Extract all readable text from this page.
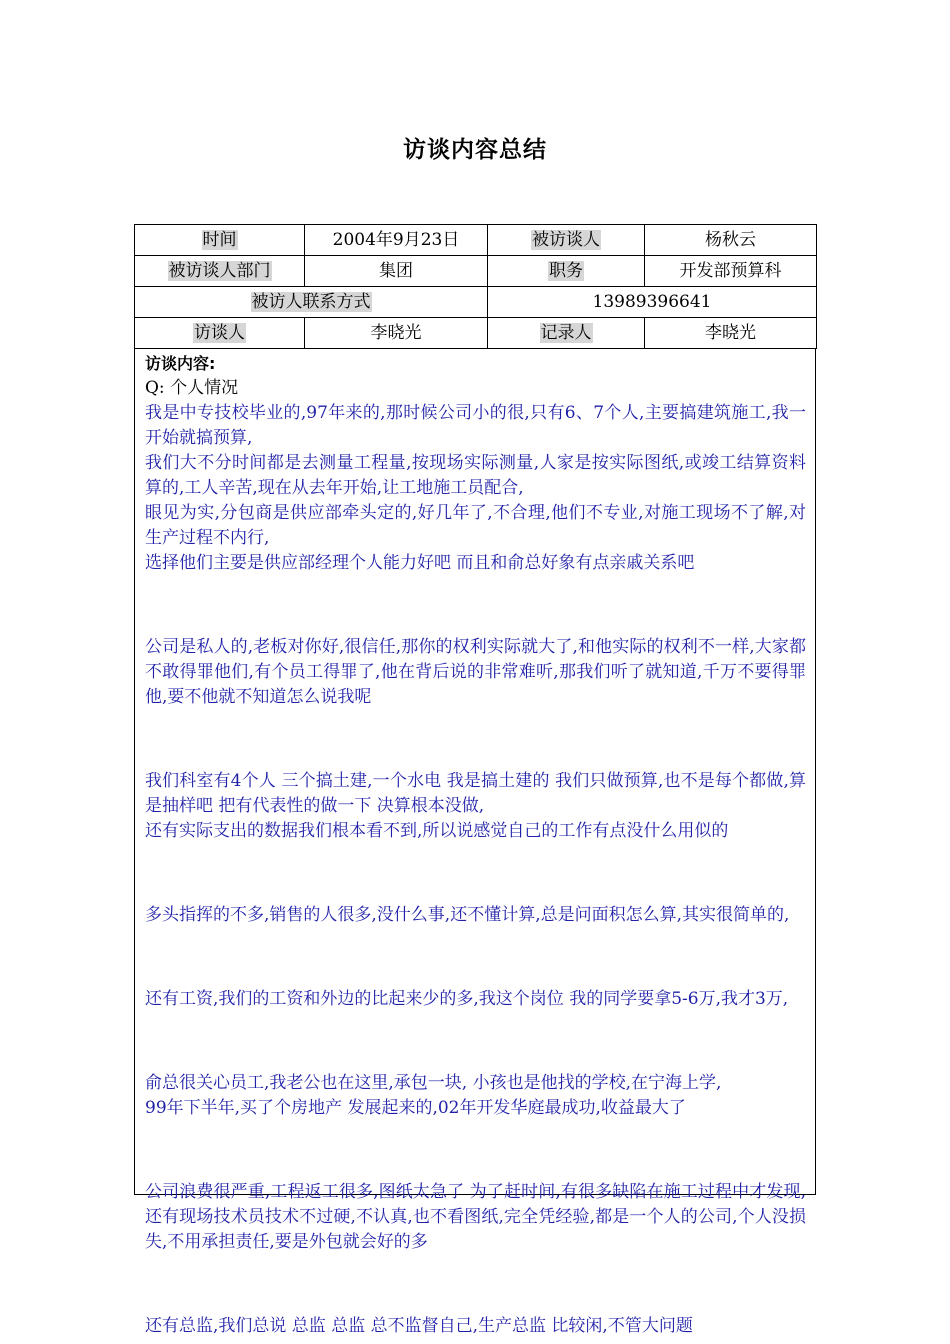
访谈内容总结
时间	2004年9月23日	被访谈人	杨秋云
被访谈人部门	集团	职务	开发部预算科
被访人联系方式		13989396641	
访谈人	李晓光	记录人	李晓光
访谈内容:
Q: 个人情况

我是中专技校毕业的,97年来的,那时候公司小的很,只有6、7个人,主要搞建筑施工,我一开始就搞预算,

我们大不分时间都是去测量工程量,按现场实际测量,人家是按实际图纸,或竣工结算资料算的,工人辛苦,现在从去年开始,让工地施工员配合,

眼见为实,分包商是供应部牵头定的,好几年了,不合理,他们不专业,对施工现场不了解,对生产过程不内行,

选择他们主要是供应部经理个人能力好吧 而且和俞总好象有点亲戚关系吧

公司是私人的,老板对你好,很信任,那你的权利实际就大了,和他实际的权利不一样,大家都不敢得罪他们,有个员工得罪了,他在背后说的非常难听,那我们听了就知道,千万不要得罪他,要不他就不知道怎么说我呢

我们科室有4个人 三个搞土建,一个水电 我是搞土建的 我们只做预算,也不是每个都做,算是抽样吧 把有代表性的做一下 决算根本没做,

还有实际支出的数据我们根本看不到,所以说感觉自己的工作有点没什么用似的

多头指挥的不多,销售的人很多,没什么事,还不懂计算,总是问面积怎么算,其实很简单的,

还有工资,我们的工资和外边的比起来少的多,我这个岗位 我的同学要拿5-6万,我才3万,

俞总很关心员工,我老公也在这里,承包一块, 小孩也是他找的学校,在宁海上学,

99年下半年,买了个房地产 发展起来的,02年开发华庭最成功,收益最大了

公司浪费很严重,工程返工很多,图纸太急了 为了赶时间,有很多缺陷在施工过程中才发现,还有现场技术员技术不过硬,不认真,也不看图纸,完全凭经验,都是一个人的公司,个人没损失,不用承担责任,要是外包就会好的多

还有总监,我们总说 总监 总监 总不监督自己,生产总监 比较闲,不管大问题
